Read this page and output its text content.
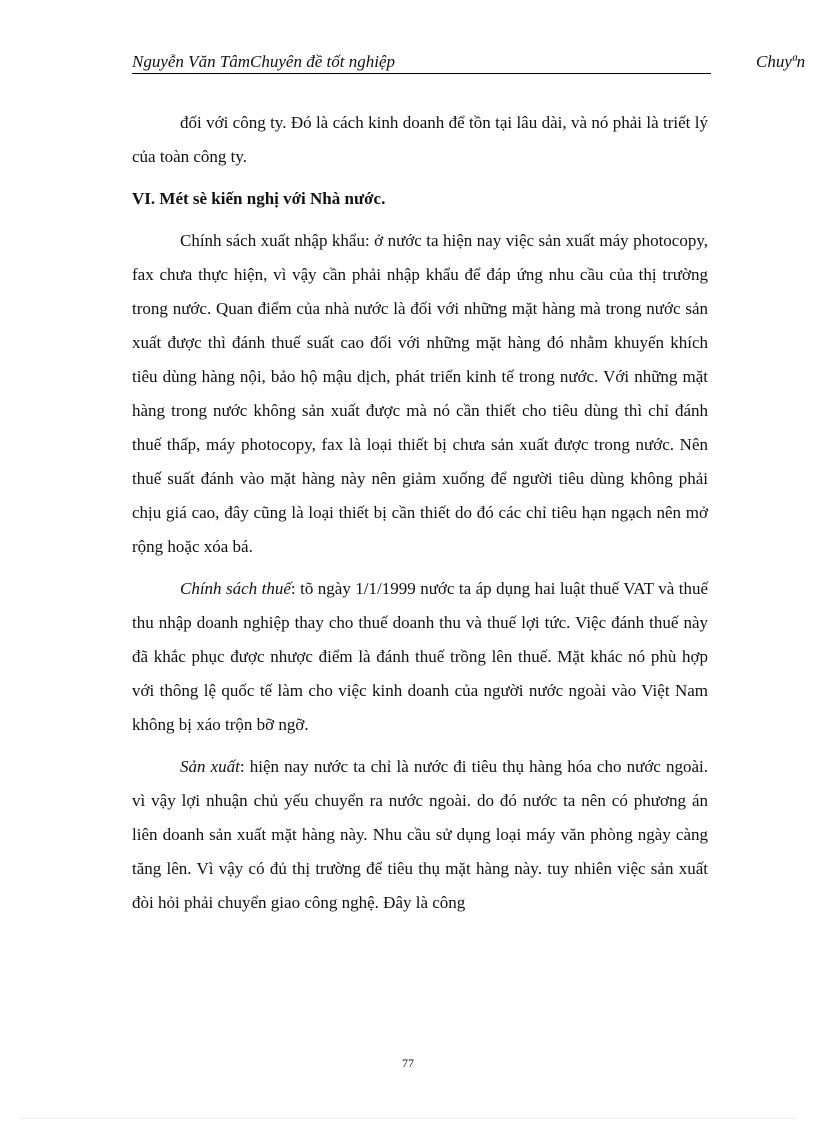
Nguyễn Văn TâmChuyên đề tốt nghiệp	Chuyªn

đối với công ty. Đó là cách kinh doanh để tồn tại lâu dài, và nó phải là triết lý của toàn công ty.

VI. Mét sè kiến nghị với Nhà nước.

Chính sách xuất nhập khẩu: ở nước ta hiện nay việc sản xuất máy photocopy, fax chưa thực hiện, vì vậy cần phải nhập khẩu để đáp ứng nhu cầu của thị trường trong nước. Quan điểm của nhà nước là đối với những mặt hàng mà trong nước sản xuất được thì đánh thuế suất cao đối với những mặt hàng đó nhằm khuyến khích tiêu dùng hàng nội, bảo hộ mậu dịch, phát triển kinh tế trong nước. Với những mặt hàng trong nước không sản xuất được mà nó cần thiết cho tiêu dùng thì chỉ đánh thuế thấp, máy photocopy, fax là loại thiết bị chưa sản xuất được trong nước. Nên thuế suất đánh vào mặt hàng này nên giảm xuống để người tiêu dùng không phải chịu giá cao, đây cũng là loại thiết bị cần thiết do đó các chỉ tiêu hạn ngạch nên mở rộng hoặc xóa bá.

Chính sách thuế: tõ ngày 1/1/1999 nước ta áp dụng hai luật thuế VAT và thuế thu nhập doanh nghiệp thay cho thuế doanh thu và thuế lợi tức. Việc đánh thuế này đã khắc phục được nhược điểm là đánh thuế trồng lên thuế. Mặt khác nó phù hợp với thông lệ quốc tế làm cho việc kinh doanh của người nước ngoài vào Việt Nam không bị xáo trộn bỡ ngỡ.

Sản xuất: hiện nay nước ta chỉ là nước đi tiêu thụ hàng hóa cho nước ngoài. vì vậy lợi nhuận chủ yếu chuyển ra nước ngoài. do đó nước ta nên có phương án liên doanh sản xuất mặt hàng này. Nhu cầu sử dụng loại máy văn phòng ngày càng tăng lên. Vì vậy có đủ thị trường để tiêu thụ mặt hàng này. tuy nhiên việc sản xuất đòi hỏi phải chuyển giao công nghệ. Đây là công

77
